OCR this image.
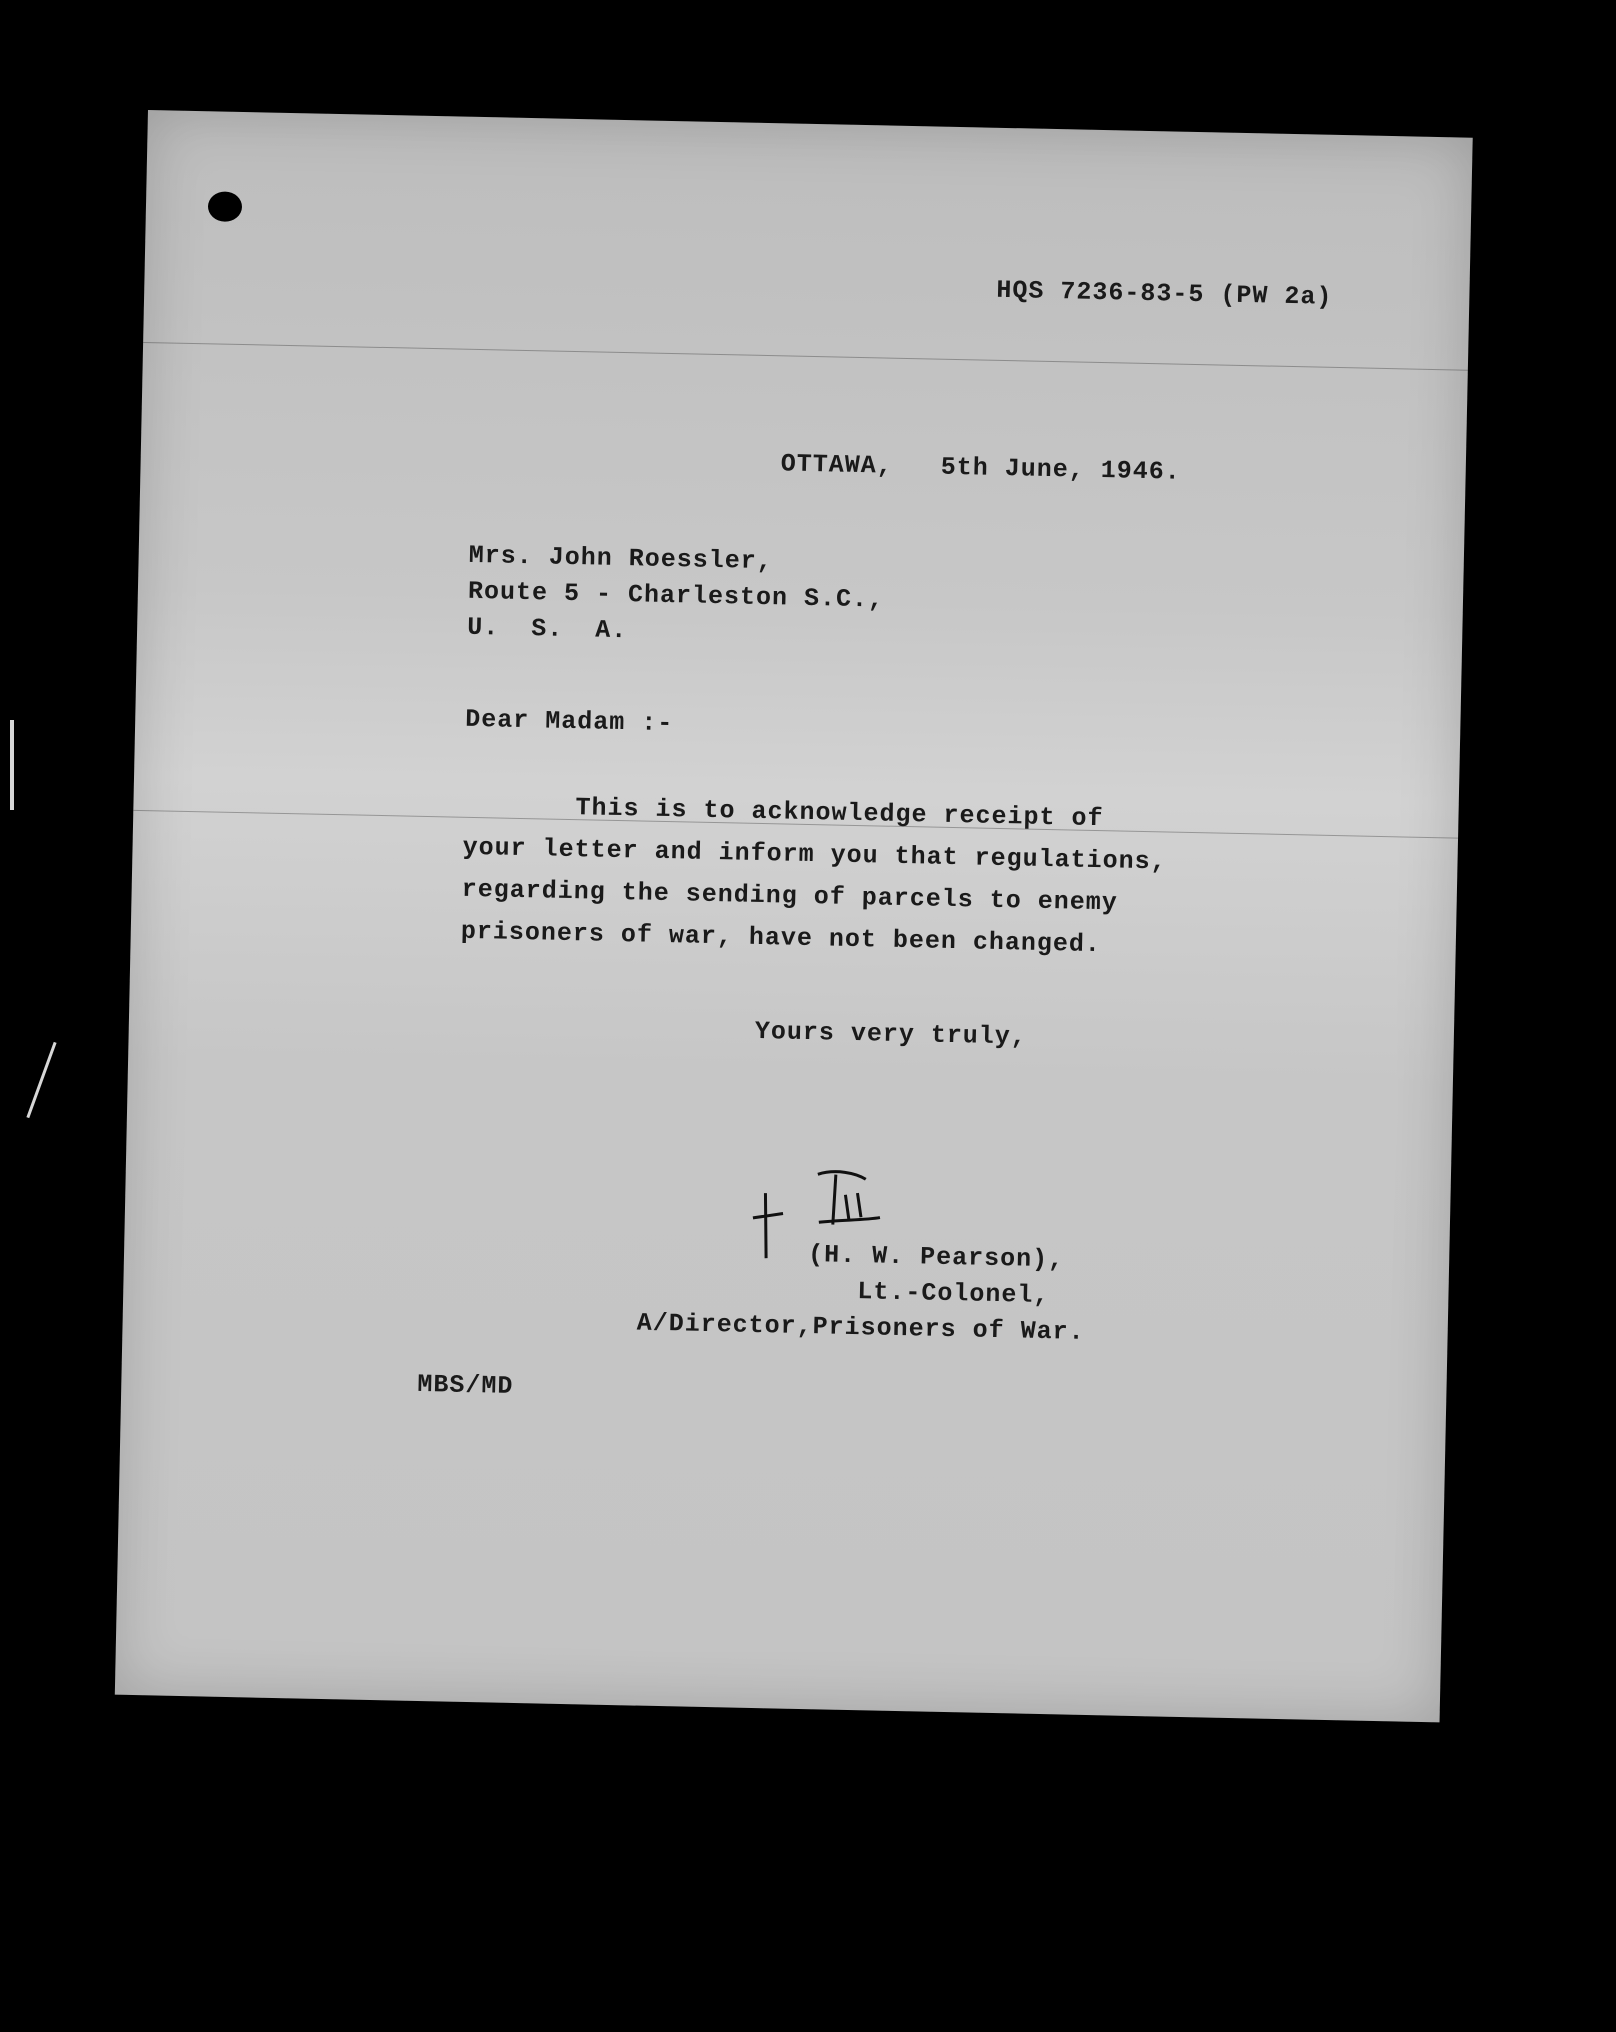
HQS 7236-83-5 (PW 2a)
OTTAWA,   5th June, 1946.
Mrs. John Roessler,
Route 5 - Charleston S.C.,
U.  S.  A.
Dear Madam :-
This is to acknowledge receipt of
your letter and inform you that regulations,
regarding the sending of parcels to enemy
prisoners of war, have not been changed.
Yours very truly,
(H. W. Pearson),
Lt.-Colonel,
A/Director,Prisoners of War.
MBS/MD
